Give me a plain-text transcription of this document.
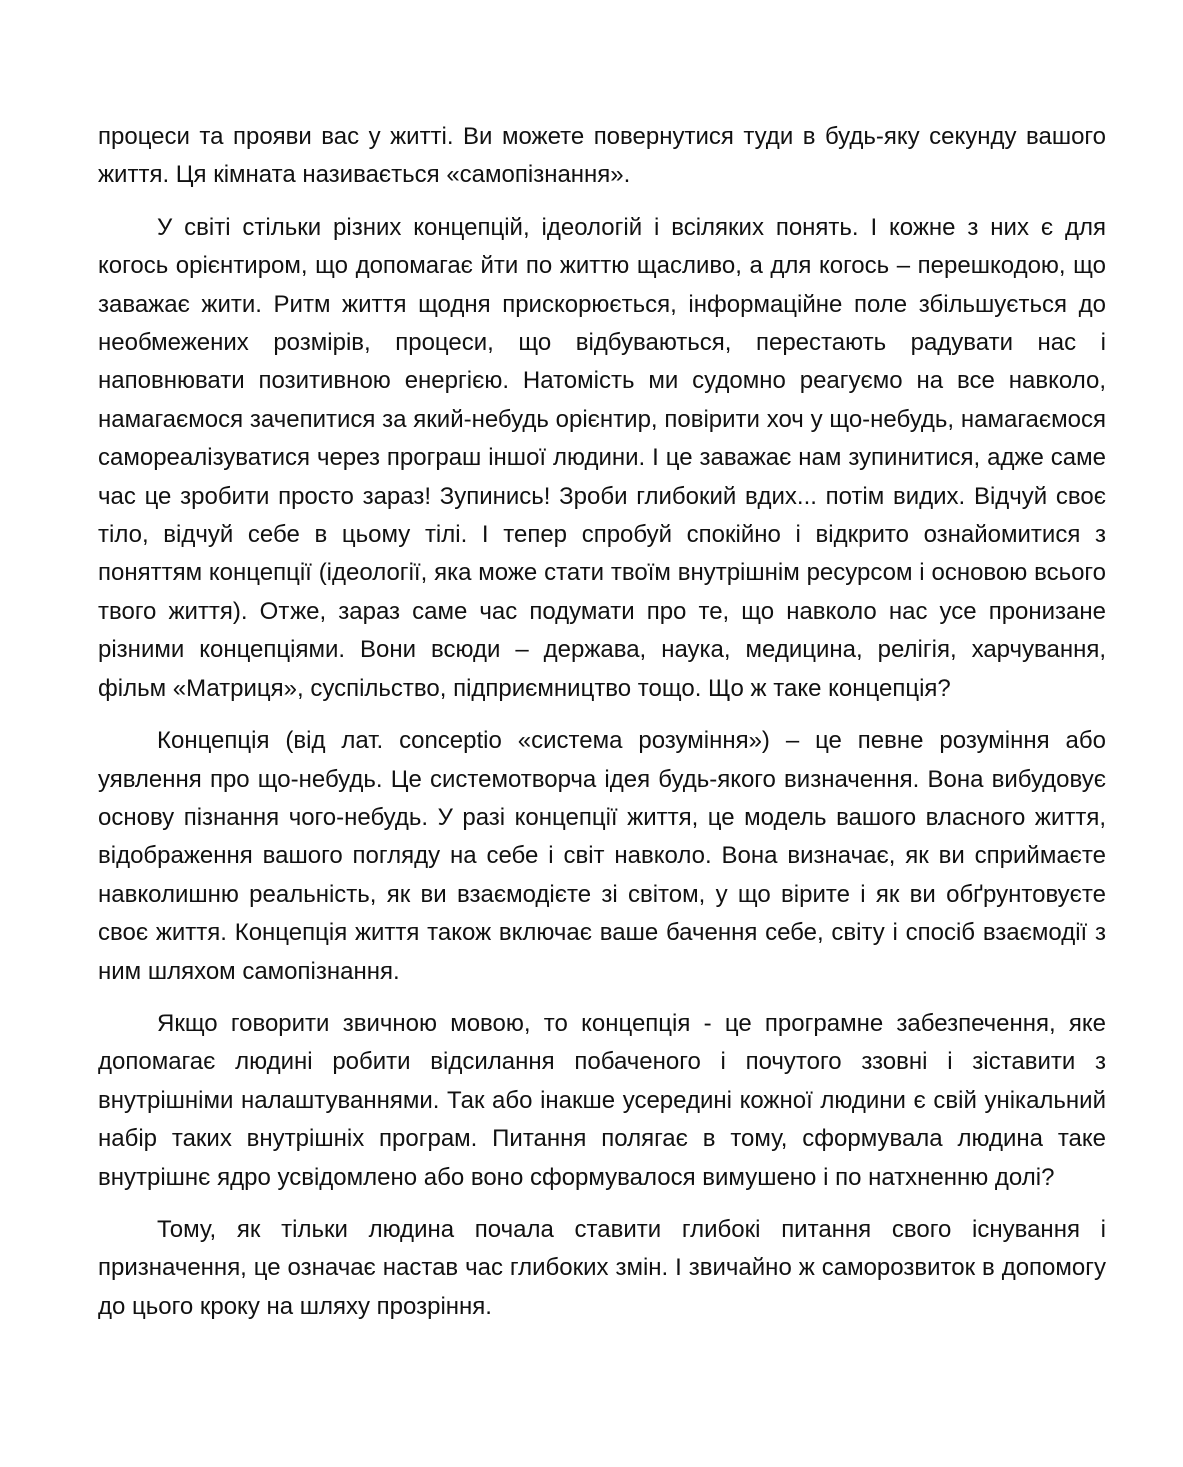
процеси та прояви вас у житті. Ви можете повернутися туди в будь-яку секунду вашого життя. Ця кімната називається «самопізнання».

У світі стільки різних концепцій, ідеологій і всіляких понять. І кожне з них є для когось орієнтиром, що допомагає йти по життю щасливо, а для когось – перешкодою, що заважає жити. Ритм життя щодня прискорюється, інформаційне поле збільшується до необмежених розмірів, процеси, що відбуваються, перестають радувати нас і наповнювати позитивною енергією. Натомість ми судомно реагуємо на все навколо, намагаємося зачепитися за який-небудь орієнтир, повірити хоч у що-небудь, намагаємося самореалізуватися через програш іншої людини. І це заважає нам зупинитися, адже саме час це зробити просто зараз! Зупинись! Зроби глибокий вдих... потім видих. Відчуй своє тіло, відчуй себе в цьому тілі. І тепер спробуй спокійно і відкрито ознайомитися з поняттям концепції (ідеології, яка може стати твоїм внутрішнім ресурсом і основою всього твого життя). Отже, зараз саме час подумати про те, що навколо нас усе пронизане різними концепціями. Вони всюди – держава, наука, медицина, релігія, харчування, фільм «Матриця», суспільство, підприємництво тощо. Що ж таке концепція?

Концепція (від лат. conceptio «система розуміння») – це певне розуміння або уявлення про що-небудь. Це системотворча ідея будь-якого визначення. Вона вибудовує основу пізнання чого-небудь. У разі концепції життя, це модель вашого власного життя, відображення вашого погляду на себе і світ навколо. Вона визначає, як ви сприймаєте навколишню реальність, як ви взаємодієте зі світом, у що вірите і як ви обґрунтовуєте своє життя. Концепція життя також включає ваше бачення себе, світу і спосіб взаємодії з ним шляхом самопізнання.

Якщо говорити звичною мовою, то концепція - це програмне забезпечення, яке допомагає людині робити відсилання побаченого і почутого ззовні і зіставити з внутрішніми налаштуваннями. Так або інакше усередині кожної людини є свій унікальний набір таких внутрішніх програм. Питання полягає в тому, сформувала людина таке внутрішнє ядро усвідомлено або воно сформувалося вимушено і по натхненню долі?

Тому, як тільки людина почала ставити глибокі питання свого існування і призначення, це означає настав час глибоких змін. І звичайно ж саморозвиток в допомогу до цього кроку на шляху прозріння.
